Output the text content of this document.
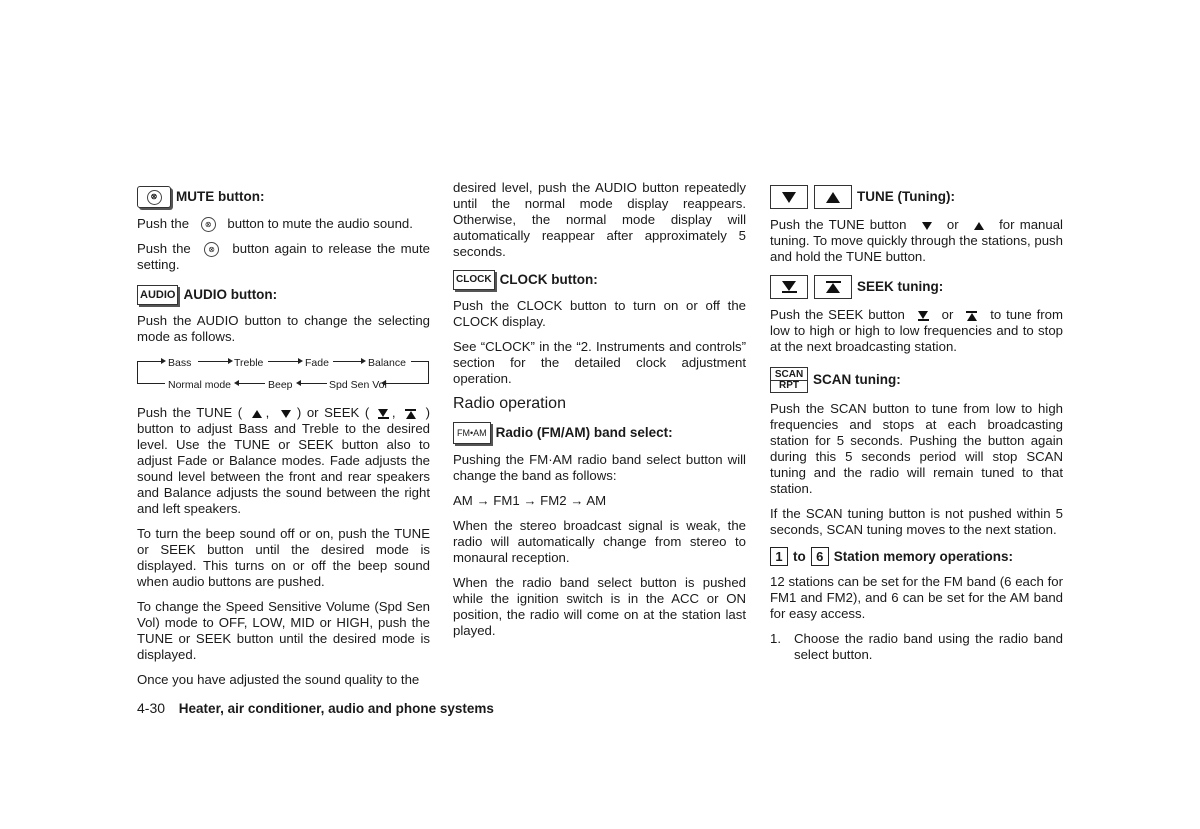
⊗	MUTE button:

Push the ⊗ button to mute the audio sound.

Push the ⊗ button again to release the mute setting.

AUDIO AUDIO button:

Push the AUDIO button to change the selecting mode as follows.

Bass	Treble	Fade	Balance
Spd Sen Vol
Beep
Normal mode

Push the TUNE ( , ) or SEEK ( , ) button to adjust Bass and Treble to the desired level. Use the TUNE or SEEK button also to adjust Fade or Balance modes. Fade adjusts the sound level between the front and rear speakers and Balance adjusts the sound between the right and left speakers.

To turn the beep sound off or on, push the TUNE or SEEK button until the desired mode is displayed. This turns on or off the beep sound when audio buttons are pushed.

To change the Speed Sensitive Volume (Spd Sen Vol) mode to OFF, LOW, MID or HIGH, push the TUNE or SEEK button until the desired mode is displayed.

Once you have adjusted the sound quality to the

desired level, push the AUDIO button repeatedly until the normal mode display reappears. Otherwise, the normal mode display will automatically reappear after approximately 5 seconds.

CLOCK CLOCK button:

Push the CLOCK button to turn on or off the CLOCK display.

See “CLOCK” in the “2. Instruments and controls” section for the detailed clock adjustment operation.

Radio operation
FM•AM Radio (FM/AM) band select:

Pushing the FM·AM radio band select button will change the band as follows:

AM → FM1 → FM2 → AM

When the stereo broadcast signal is weak, the radio will automatically change from stereo to monaural reception.

When the radio band select button is pushed while the ignition switch is in the ACC or ON position, the radio will come on at the station last played.

TUNE (Tuning):

Push the TUNE button	or	for manual tuning. To move quickly through the stations, push and hold the TUNE button.

SEEK tuning:

Push the SEEK button	or	to tune from low to high or high to low frequencies and to stop at the next broadcasting station.

SCAN
RPT	SCAN tuning:

Push the SCAN button to tune from low to high frequencies and stops at each broadcasting station for 5 seconds. Pushing the button again during this 5 seconds period will stop SCAN tuning and the radio will remain tuned to that station.

If the SCAN tuning button is not pushed within 5 seconds, SCAN tuning moves to the next station.

1 to 6 Station memory operations:

12 stations can be set for the FM band (6 each for FM1 and FM2), and 6 can be set for the AM band for easy access.

1. Choose the radio band using the radio band select button.
4-30 Heater, air conditioner, audio and phone systems
